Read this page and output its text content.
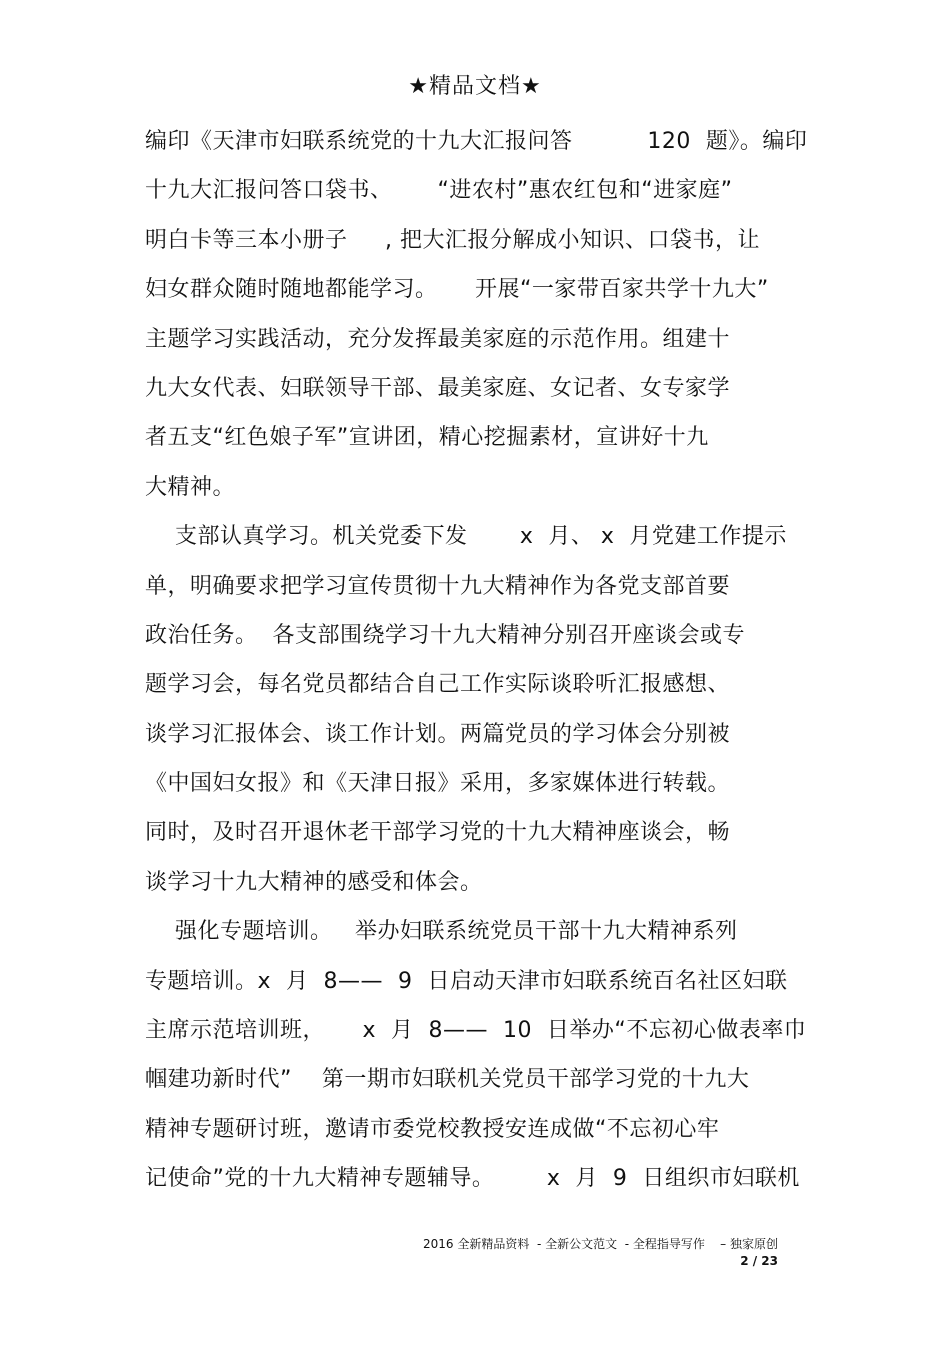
★精品文档★
编印《天津市妇联系统党的十九大汇报问答          120  题》。编印
十九大汇报问答口袋书、      “进农村”惠农红包和“进家庭”
明白卡等三本小册子     , 把大汇报分解成小知识、口袋书，让
妇女群众随时随地都能学习。     开展“一家带百家共学十九大”
主题学习实践活动，充分发挥最美家庭的示范作用。组建十
九大女代表、妇联领导干部、最美家庭、女记者、女专家学
者五支“红色娘子军”宣讲团，精心挖掘素材，宣讲好十九
大精神。
支部认真学习。机关党委下发       x  月、 x  月党建工作提示
单，明确要求把学习宣传贯彻十九大精神作为各党支部首要
政治任务。  各支部围绕学习十九大精神分别召开座谈会或专
题学习会，每名党员都结合自己工作实际谈聆听汇报感想、
谈学习汇报体会、谈工作计划。两篇党员的学习体会分别被
《中国妇女报》和《天津日报》采用，多家媒体进行转载。
同时，及时召开退休老干部学习党的十九大精神座谈会，畅
谈学习十九大精神的感受和体会。
强化专题培训。   举办妇联系统党员干部十九大精神系列
专题培训。x  月  8——  9  日启动天津市妇联系统百名社区妇联
主席示范培训班，     x  月  8——  10  日举办“不忘初心做表率巾
帼建功新时代”    第一期市妇联机关党员干部学习党的十九大
精神专题研讨班，邀请市委党校教授安连成做“不忘初心牢
记使命”党的十九大精神专题辅导。       x  月  9  日组织市妇联机
2016 全新精品资料  - 全新公文范文  - 全程指导写作    – 独家原创
2 / 23
